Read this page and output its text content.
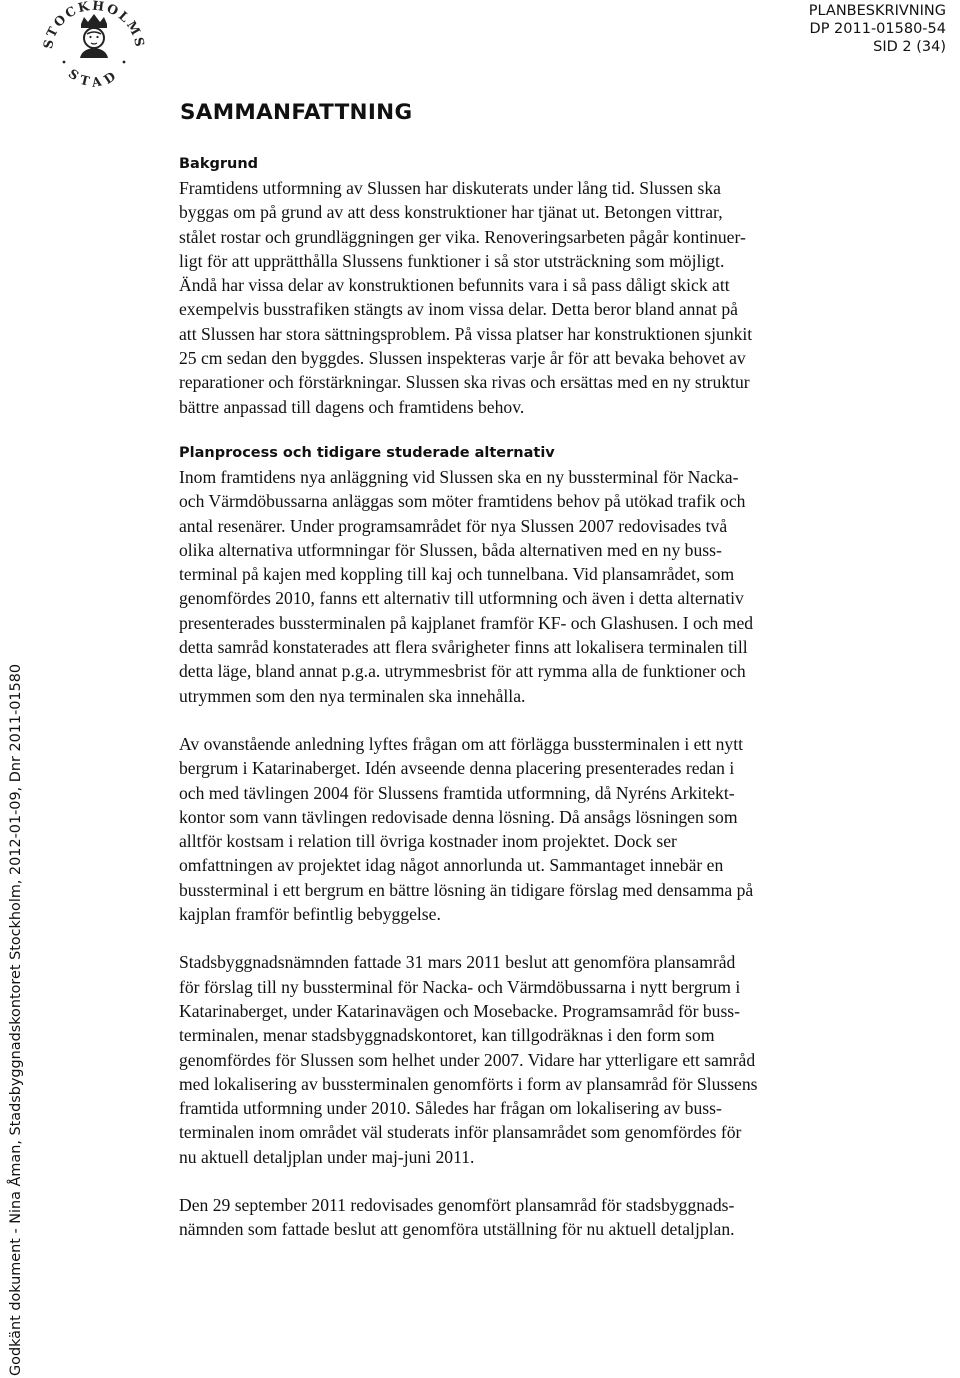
STOCKHOLMS
STAD
PLANBESKRIVNING
DP 2011-01580-54
SID 2 (34)
SAMMANFATTNING
Bakgrund

Framtidens utformning av Slussen har diskuterats under lång tid. Slussen ska
byggas om på grund av att dess konstruktioner har tjänat ut. Betongen vittrar,
stålet rostar och grundläggningen ger vika. Renoveringsarbeten pågår kontinuer-
ligt för att upprätthålla Slussens funktioner i så stor utsträckning som möjligt.
Ändå har vissa delar av konstruktionen befunnits vara i så pass dåligt skick att
exempelvis busstrafiken stängts av inom vissa delar. Detta beror bland annat på
att Slussen har stora sättningsproblem. På vissa platser har konstruktionen sjunkit
25 cm sedan den byggdes. Slussen inspekteras varje år för att bevaka behovet av
reparationer och förstärkningar. Slussen ska rivas och ersättas med en ny struktur
bättre anpassad till dagens och framtidens behov.

Planprocess och tidigare studerade alternativ

Inom framtidens nya anläggning vid Slussen ska en ny bussterminal för Nacka-
och Värmdöbussarna anläggas som möter framtidens behov på utökad trafik och
antal resenärer. Under programsamrådet för nya Slussen 2007 redovisades två
olika alternativa utformningar för Slussen, båda alternativen med en ny buss-
terminal på kajen med koppling till kaj och tunnelbana. Vid plansamrådet, som
genomfördes 2010, fanns ett alternativ till utformning och även i detta alternativ
presenterades bussterminalen på kajplanet framför KF- och Glashusen. I och med
detta samråd konstaterades att flera svårigheter finns att lokalisera terminalen till
detta läge, bland annat p.g.a. utrymmesbrist för att rymma alla de funktioner och
utrymmen som den nya terminalen ska innehålla.

Av ovanstående anledning lyftes frågan om att förlägga bussterminalen i ett nytt
bergrum i Katarinaberget. Idén avseende denna placering presenterades redan i
och med tävlingen 2004 för Slussens framtida utformning, då Nyréns Arkitekt-
kontor som vann tävlingen redovisade denna lösning. Då ansågs lösningen som
alltför kostsam i relation till övriga kostnader inom projektet. Dock ser
omfattningen av projektet idag något annorlunda ut. Sammantaget innebär en
bussterminal i ett bergrum en bättre lösning än tidigare förslag med densamma på
kajplan framför befintlig bebyggelse.

Stadsbyggnadsnämnden fattade 31 mars 2011 beslut att genomföra plansamråd
för förslag till ny bussterminal för Nacka- och Värmdöbussarna i nytt bergrum i
Katarinaberget, under Katarinavägen och Mosebacke. Programsamråd för buss-
terminalen, menar stadsbyggnadskontoret, kan tillgodräknas i den form som
genomfördes för Slussen som helhet under 2007. Vidare har ytterligare ett samråd
med lokalisering av bussterminalen genomförts i form av plansamråd för Slussens
framtida utformning under 2010. Således har frågan om lokalisering av buss-
terminalen inom området väl studerats inför plansamrådet som genomfördes för
nu aktuell detaljplan under maj-juni 2011.

Den 29 september 2011 redovisades genomfört plansamråd för stadsbyggnads-
nämnden som fattade beslut att genomföra utställning för nu aktuell detaljplan.

Godkänt dokument - Nina Åman, Stadsbyggnadskontoret Stockholm, 2012-01-09, Dnr 2011-01580
